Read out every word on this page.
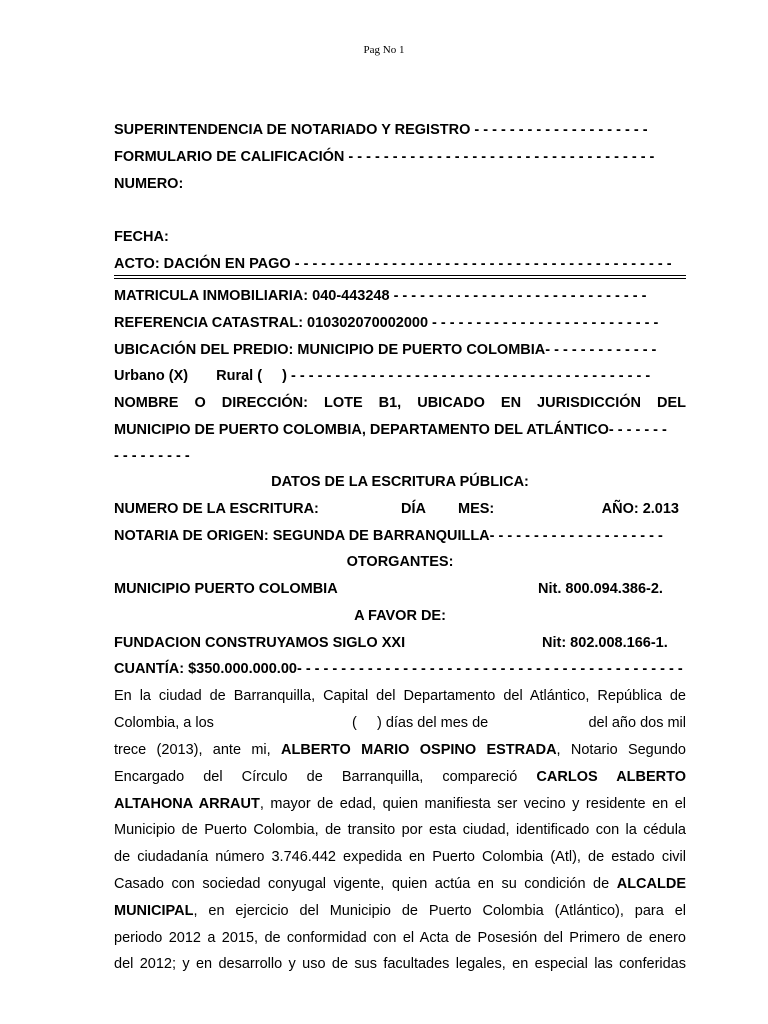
Pag No 1
SUPERINTENDENCIA DE NOTARIADO Y REGISTRO
- - - - - - - - - - - - - - - - - - - -
FORMULARIO DE CALIFICACIÓN
- - - - - - - - - - - - - - - - - - - - - - - - - - - - - - - - - - -
NUMERO:
FECHA:
ACTO: DACIÓN EN PAGO
- - - - - - - - - - - - - - - - - - - - - - - - - - - - - - - - - - - - - - - - - - -
MATRICULA INMOBILIARIA: 040-443248
- - - - - - - - - - - - - - - - - - - - - - - - - - - - -
REFERENCIA CATASTRAL: 010302070002000
- - - - - - - - - - - - - - - - - - - - - - - - - -
UBICACIÓN DEL PREDIO: MUNICIPIO DE PUERTO COLOMBIA-
- - - - - - - - - - - -
Urbano (X) Rural (     )
- - - - - - - - - - - - - - - - - - - - - - - - - - - - - - - - - - - - - - - - -
NOMBRE O DIRECCIÓN: LOTE B1, UBICADO EN JURISDICCIÓN DEL
MUNICIPIO DE PUERTO COLOMBIA, DEPARTAMENTO DEL ATLÁNTICO-
- - - - - -
- - - - - - - - -
DATOS DE LA ESCRITURA PÚBLICA:
NUMERO DE LA ESCRITURA:	DÍA MES:	AÑO: 2.013
NOTARIA DE ORIGEN: SEGUNDA DE BARRANQUILLA-
- - - - - - - - - - - - - - - - - - -
OTORGANTES:
MUNICIPIO PUERTO COLOMBIA	Nit. 800.094.386-2.
A FAVOR DE:
FUNDACION CONSTRUYAMOS SIGLO XXI	Nit: 802.008.166-1.
CUANTÍA : $350.000.000.00-
- - - - - - - - - - - - - - - - - - - - - - - - - - - - - - - - - - - - - - - - - - -
En la ciudad de Barranquilla, Capital del Departamento del Atlántico, República de
Colombia, a los	(     ) días del mes de	del año dos mil
trece (2013), ante mi, ALBERTO MARIO OSPINO ESTRADA, Notario Segundo
Encargado del Círculo de Barranquilla, compareció CARLOS ALBERTO
ALTAHONA ARRAUT, mayor de edad, quien manifiesta ser vecino y residente en el
Municipio de Puerto Colombia, de transito por esta ciudad, identificado con la cédula
de ciudadanía número 3.746.442 expedida en Puerto Colombia (Atl), de estado civil
Casado con sociedad conyugal vigente, quien actúa en su condición de ALCALDE
MUNICIPAL, en ejercicio del Municipio de Puerto Colombia (Atlántico), para el
periodo 2012 a 2015, de conformidad con el Acta de Posesión del Primero de enero
del 2012; y en desarrollo y uso de sus facultades legales, en especial las conferidas
